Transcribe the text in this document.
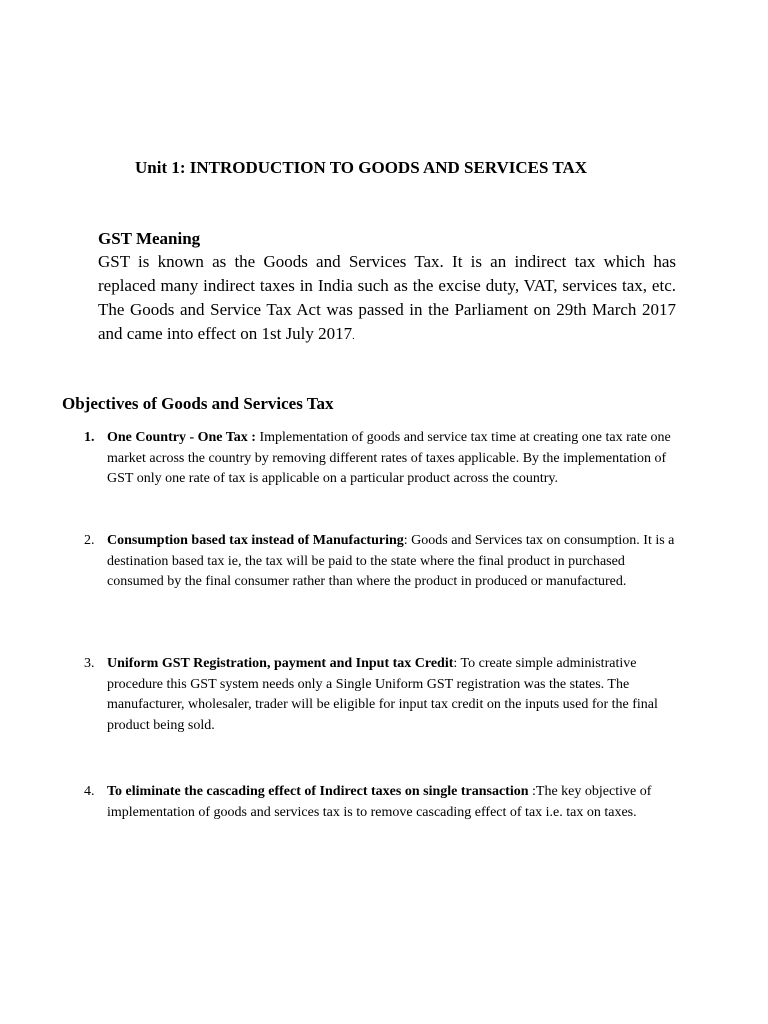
Unit 1: INTRODUCTION TO GOODS AND SERVICES TAX
GST Meaning
GST is known as the Goods and Services Tax. It is an indirect tax which has replaced many indirect taxes in India such as the excise duty, VAT, services tax, etc. The Goods and Service Tax Act was passed in the Parliament on 29th March 2017 and came into effect on 1st July 2017.
Objectives of Goods and Services Tax
1. One Country - One Tax : Implementation of goods and service tax time at creating one tax rate one market across the country by removing different rates of taxes applicable. By the implementation of GST only one rate of tax is applicable on a particular product across the country.
2. Consumption based tax instead of Manufacturing: Goods and Services tax on consumption. It is a destination based tax ie, the tax will be paid to the state where the final product in purchased consumed by the final consumer rather than where the product in produced or manufactured.
3. Uniform GST Registration, payment and Input tax Credit: To create simple administrative procedure this GST system needs only a Single Uniform GST registration was the states. The manufacturer, wholesaler, trader will be eligible for input tax credit on the inputs used for the final product being sold.
4. To eliminate the cascading effect of Indirect taxes on single transaction :The key objective of implementation of goods and services tax is to remove cascading effect of tax i.e. tax on taxes.
